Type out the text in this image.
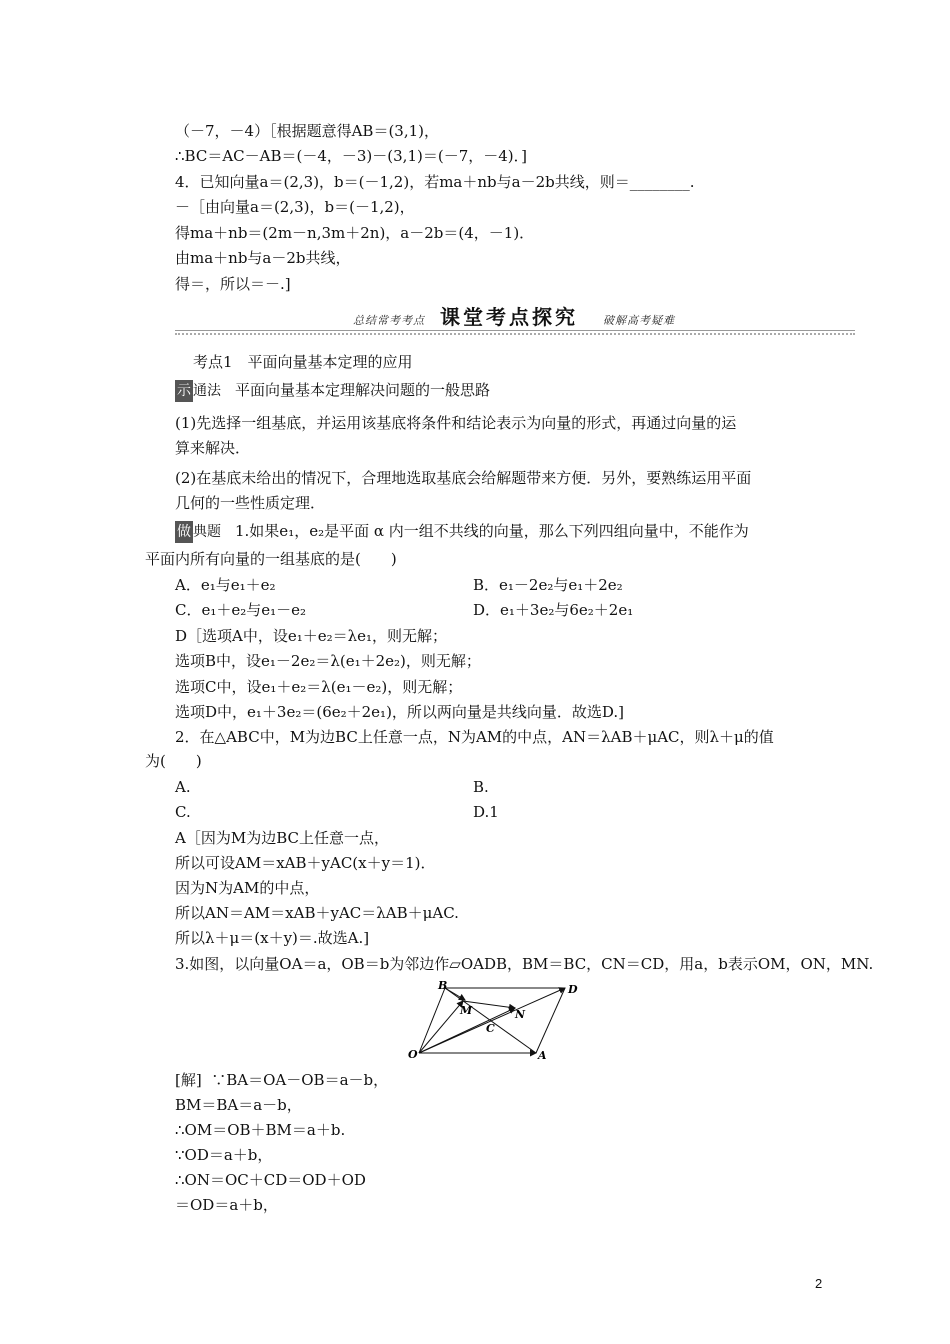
（－7，－4）［根据题意得AB＝(3,1)，
∴BC＝AC－AB＝(－4，－3)－(3,1)＝(－7，－4)．]
4．已知向量a＝(2,3)，b＝(－1,2)，若ma＋nb与a－2b共线，则＝________.
－［由向量a＝(2,3)，b＝(－1,2)，
得ma＋nb＝(2m－n,3m＋2n)，a－2b＝(4，－1)．
由ma＋nb与a－2b共线，
得＝，所以＝－.]
总结常考考点 课堂考点探究 破解高考疑难
考点1　平面向量基本定理的应用
示 通法 平面向量基本定理解决问题的一般思路
(1)先选择一组基底，并运用该基底将条件和结论表示为向量的形式，再通过向量的运
算来解决．
(2)在基底未给出的情况下，合理地选取基底会给解题带来方便．另外，要熟练运用平面
几何的一些性质定理．
做 典题 1.如果e₁，e₂是平面 α 内一组不共线的向量，那么下列四组向量中，不能作为
平面内所有向量的一组基底的是(　　)
A．e₁与e₁＋e₂	B．e₁－2e₂与e₁＋2e₂
C．e₁＋e₂与e₁－e₂	D．e₁＋3e₂与6e₂＋2e₁
D［选项A中，设e₁＋e₂＝λe₁，则无解；
选项B中，设e₁－2e₂＝λ(e₁＋2e₂)，则无解；
选项C中，设e₁＋e₂＝λ(e₁－e₂)，则无解；
选项D中，e₁＋3e₂＝(6e₂＋2e₁)，所以两向量是共线向量．故选D.]
2．在△ABC中，M为边BC上任意一点，N为AM的中点，AN＝λAB＋μAC，则λ＋μ的值
为(　　)
A.	B.
C.	D.1
A［因为M为边BC上任意一点，
所以可设AM＝xAB＋yAC(x＋y＝1)．
因为N为AM的中点，
所以AN＝AM＝xAB＋yAC＝λAB＋μAC.
所以λ＋μ＝(x＋y)＝.故选A.]
3.如图，以向量OA＝a，OB＝b为邻边作▱OADB，BM＝BC，CN＝CD，用a，b表示OM，ON，MN.
B	D
M	N
C
O	A
[解] ∵BA＝OA－OB＝a－b，
BM＝BA＝a－b，
∴OM＝OB＋BM＝a＋b.
∵OD＝a＋b，
∴ON＝OC＋CD＝OD＋OD
＝OD＝a＋b，
2
